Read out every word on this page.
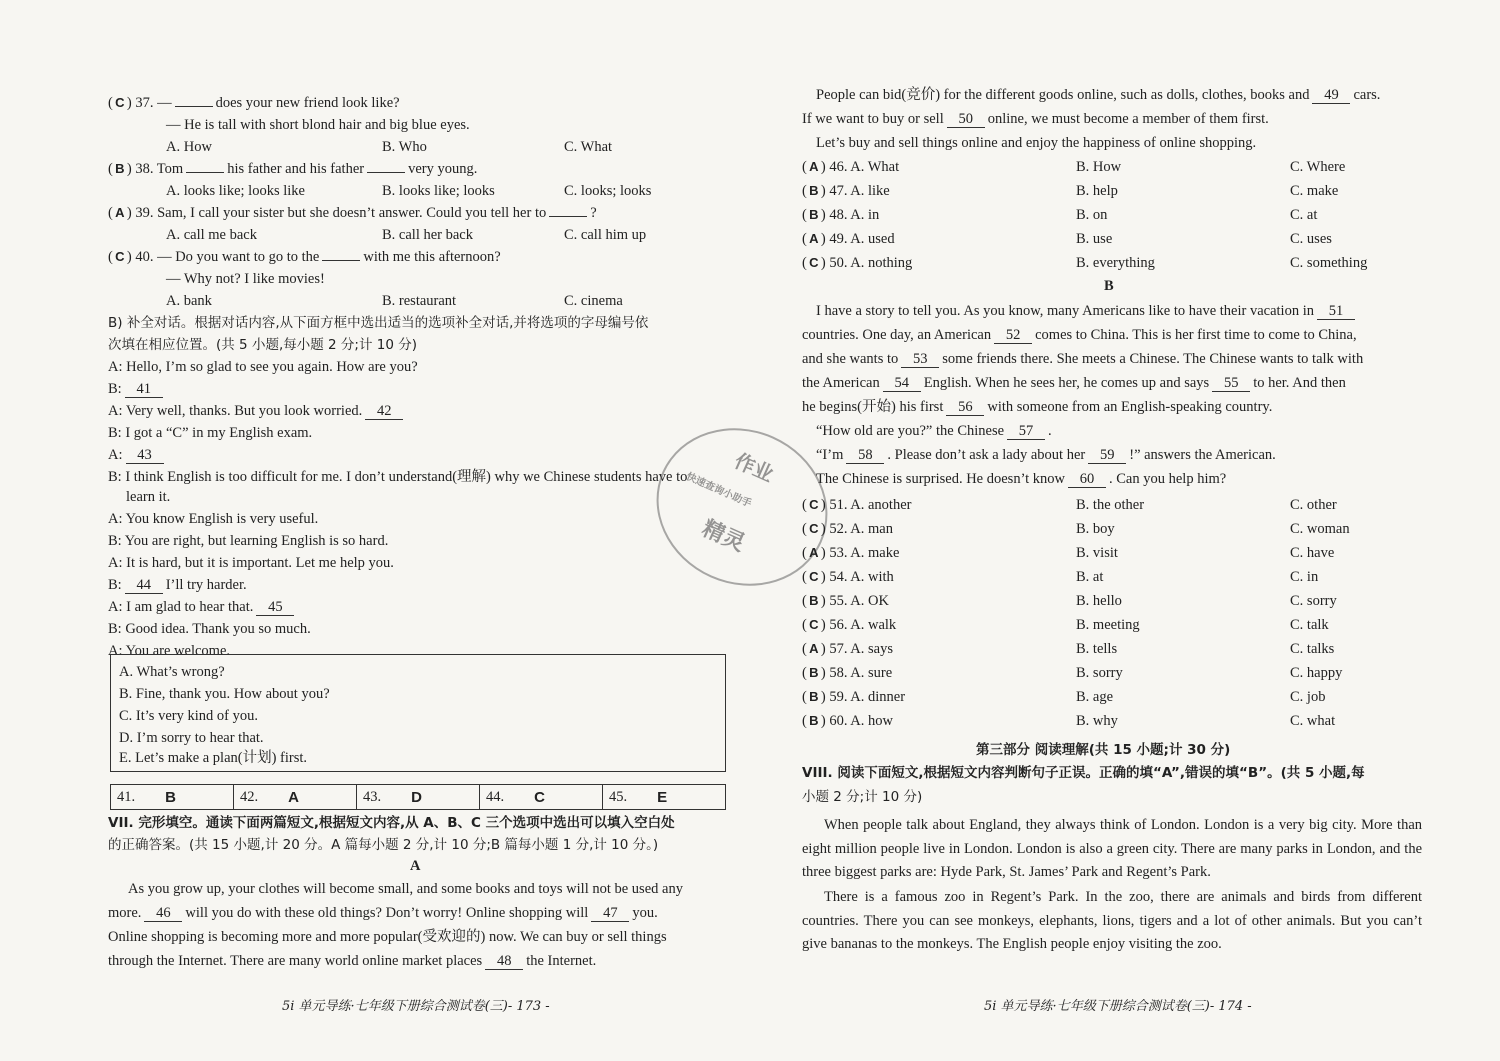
( C ) 37. —	does your new friend look like?
— He is tall with short blond hair and big blue eyes.
A. How	B. Who	C. What
( B ) 38. Tom	his father and his father	very young.
A. looks like; looks like	B. looks like; looks	C. looks; looks
( A ) 39. Sam, I call your sister but she doesn’t answer. Could you tell her to	?
A. call me back	B. call her back	C. call him up
( C ) 40. — Do you want to go to the	with me this afternoon?
— Why not? I like movies!
A. bank	B. restaurant	C. cinema
B) 补全对话。根据对话内容,从下面方框中选出适当的选项补全对话,并将选项的字母编号依
次填在相应位置。(共 5 小题,每小题 2 分;计 10 分)
A: Hello, I’m so glad to see you again. How are you?
B: 41
A: Very well, thanks. But you look worried. 42
B: I got a “C” in my English exam.
A: 43
B: I think English is too difficult for me. I don’t understand(理解) why we Chinese students have to
learn it.
A: You know English is very useful.
B: You are right, but learning English is so hard.
A: It is hard, but it is important. Let me help you.
B: 44 I’ll try harder.
A: I am glad to hear that. 45
B: Good idea. Thank you so much.
A: You are welcome.
A. What’s wrong?
B. Fine, thank you. How about you?
C. It’s very kind of you.
D. I’m sorry to hear that.
E. Let’s make a plan(计划) first.
41. B	42. A	43. D	44. C	45. E
VII. 完形填空。通读下面两篇短文,根据短文内容,从 A、B、C 三个选项中选出可以填入空白处
的正确答案。(共 15 小题,计 20 分。A 篇每小题 2 分,计 10 分;B 篇每小题 1 分,计 10 分。)
A
As you grow up, your clothes will become small, and some books and toys will not be used any
more. 46 will you do with these old things? Don’t worry! Online shopping will 47 you.
Online shopping is becoming more and more popular(受欢迎的) now. We can buy or sell things
through the Internet. There are many world online market places 48 the Internet.
5i 单元导练·七年级下册综合测试卷(三)- 173 -
作业
快速查询小助手
精灵
People can bid(竞价) for the different goods online, such as dolls, clothes, books and 49 cars.
If we want to buy or sell 50 online, we must become a member of them first.
Let’s buy and sell things online and enjoy the happiness of online shopping.
( A ) 46. A. What	B. How	C. Where
( B ) 47. A. like	B. help	C. make
( B ) 48. A. in	B. on	C. at
( A ) 49. A. used	B. use	C. uses
( C ) 50. A. nothing	B. everything	C. something
B
I have a story to tell you. As you know, many Americans like to have their vacation in 51
countries. One day, an American 52 comes to China. This is her first time to come to China,
and she wants to 53 some friends there. She meets a Chinese. The Chinese wants to talk with
the American 54 English. When he sees her, he comes up and says 55 to her. And then
he begins(开始) his first 56 with someone from an English-speaking country.
“How old are you?” the Chinese 57 .
“I’m 58 . Please don’t ask a lady about her 59 !” answers the American.
The Chinese is surprised. He doesn’t know 60 . Can you help him?
( C ) 51. A. another	B. the other	C. other
( C ) 52. A. man	B. boy	C. woman
( A ) 53. A. make	B. visit	C. have
( C ) 54. A. with	B. at	C. in
( B ) 55. A. OK	B. hello	C. sorry
( C ) 56. A. walk	B. meeting	C. talk
( A ) 57. A. says	B. tells	C. talks
( B ) 58. A. sure	B. sorry	C. happy
( B ) 59. A. dinner	B. age	C. job
( B ) 60. A. how	B. why	C. what
第三部分 阅读理解(共 15 小题;计 30 分)
VIII. 阅读下面短文,根据短文内容判断句子正误。正确的填“A”,错误的填“B”。(共 5 小题,每
小题 2 分;计 10 分)
When people talk about England, they always think of London. London is a very big city. More than eight million people live in London. London is also a green city. There are many parks in London, and the three biggest parks are: Hyde Park, St. James’ Park and Regent’s Park.
There is a famous zoo in Regent’s Park. In the zoo, there are animals and birds from different countries. There you can see monkeys, elephants, lions, tigers and a lot of other animals. But you can’t give bananas to the monkeys. The English people enjoy visiting the zoo.
5i 单元导练·七年级下册综合测试卷(三)- 174 -
